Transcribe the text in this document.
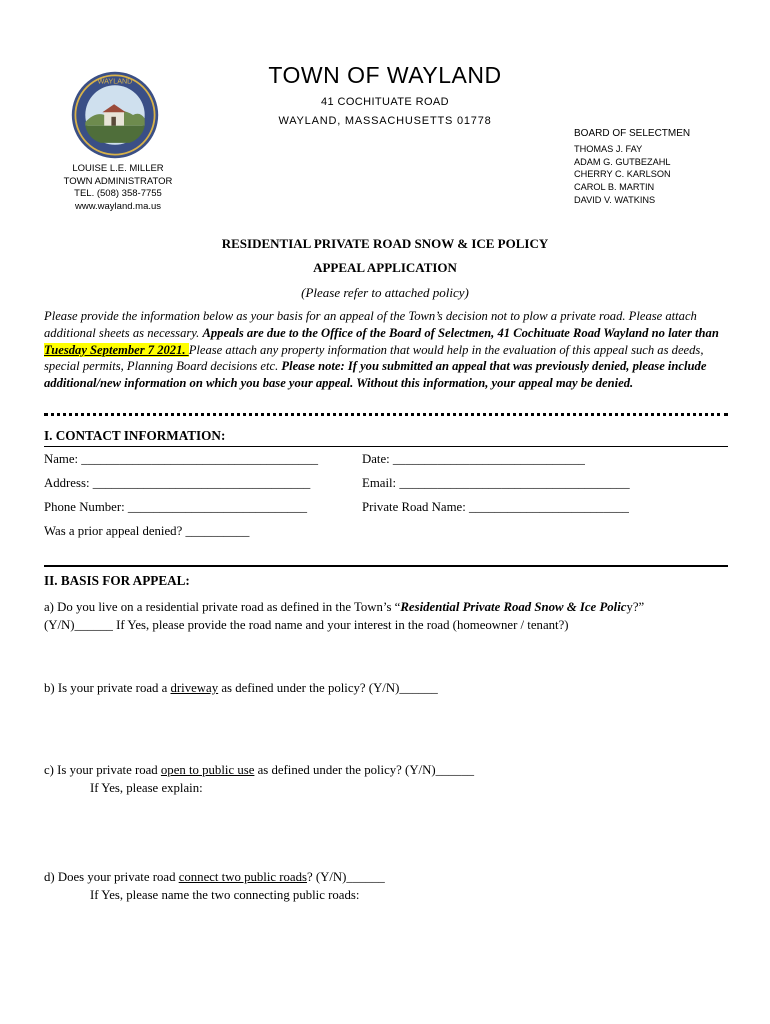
WAYLAND	TOWN OF WAYLAND
41 COCHITUATE ROAD
WAYLAND, MASSACHUSETTS 01778
BOARD OF SELECTMEN
THOMAS J. FAY
ADAM G. GUTBEZAHL
CHERRY C. KARLSON
CAROL B. MARTIN
DAVID V. WATKINS
LOUISE L.E. MILLER
TOWN ADMINISTRATOR
TEL. (508) 358-7755
www.wayland.ma.us
RESIDENTIAL PRIVATE ROAD SNOW & ICE POLICY
APPEAL APPLICATION
(Please refer to attached policy)
Please provide the information below as your basis for an appeal of the Town’s decision not to plow a private road. Please attach additional sheets as necessary. Appeals are due to the Office of the Board of Selectmen, 41 Cochituate Road Wayland no later than Tuesday September 7 2021. Please attach any property information that would help in the evaluation of this appeal such as deeds, special permits, Planning Board decisions etc. Please note: If you submitted an appeal that was previously denied, please include additional/new information on which you base your appeal. Without this information, your appeal may be denied.
I. CONTACT INFORMATION:
Name: _____________________________________	Date: ______________________________
Address: __________________________________	Email: ____________________________________
Phone Number: ____________________________	Private Road Name: _________________________
Was a prior appeal denied? __________
II. BASIS FOR APPEAL:
a) Do you live on a residential private road as defined in the Town’s “Residential Private Road Snow & Ice Policy?”
(Y/N)______ If Yes, please provide the road name and your interest in the road (homeowner / tenant?)
b) Is your private road a driveway as defined under the policy? (Y/N)______
c) Is your private road open to public use as defined under the policy? (Y/N)______
If Yes, please explain:
d) Does your private road connect two public roads? (Y/N)______
If Yes, please name the two connecting public roads:
